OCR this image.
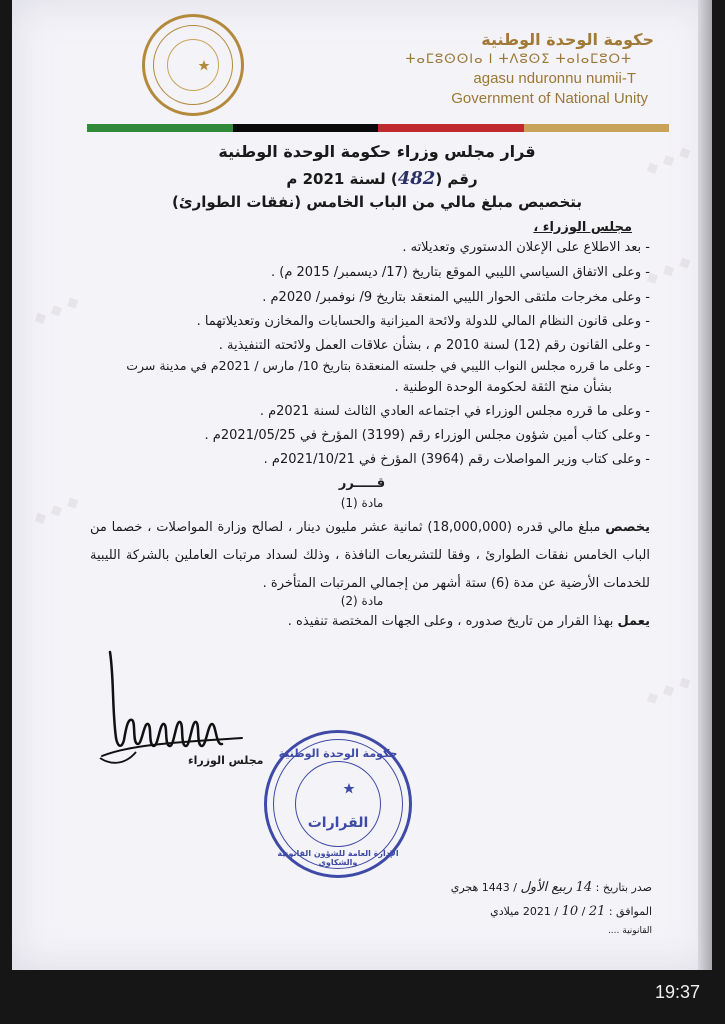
◆ ◆ ◆
◆ ◆ ◆
◆ ◆ ◆
◆ ◆ ◆
◆ ◆ ◆
حكومة الوحدة الوطنية
ⵜⴰⵎⵓⵙⵙⵏⴰ ⵏ ⵜⴷⵓⵙⵉ ⵜⴰⵏⴰⵎⵓⵔⵜ
agasu nduronnu numii-T
Government of National Unity
قرار مجلس وزراء حكومة الوحدة الوطنية
رقم (482) لسنة 2021 م
بتخصيص مبلغ مالي من الباب الخامس (نفقات الطوارئ)
مجلس الوزراء ،
- بعد الاطلاع على الإعلان الدستوري وتعديلاته .
- وعلى الاتفاق السياسي الليبي الموقع بتاريخ (17/ ديسمبر/ 2015 م) .
- وعلى مخرجات ملتقى الحوار الليبي المنعقد بتاريخ 9/ نوفمبر/ 2020م .
- وعلى قانون النظام المالي للدولة ولائحة الميزانية والحسابات والمخازن وتعديلاتهما .
- وعلى القانون رقم (12) لسنة 2010 م ، بشأن علاقات العمل ولائحته التنفيذية .
- وعلى ما قرره مجلس النواب الليبي في جلسته المنعقدة بتاريخ 10/ مارس / 2021م في مدينة سرت
بشأن منح الثقة لحكومة الوحدة الوطنية .
- وعلى ما قرره مجلس الوزراء في اجتماعه العادي الثالث لسنة 2021م .
- وعلى كتاب أمين شؤون مجلس الوزراء رقم (3199) المؤرخ في 2021/05/25م .
- وعلى كتاب وزير المواصلات رقم (3964) المؤرخ في 2021/10/21م .
قـــــرر
مادة (1)
يخصص مبلغ مالي قدره (18,000,000) ثمانية عشر مليون دينار ، لصالح وزارة المواصلات ، خصما من الباب الخامس نفقات الطوارئ ، وفقا للتشريعات النافذة ، وذلك لسداد مرتبات العاملين بالشركة الليبية للخدمات الأرضية عن مدة (6) ستة أشهر من إجمالي المرتبات المتأخرة .
مادة (2)
يعمل بهذا القرار من تاريخ صدوره ، وعلى الجهات المختصة تنفيذه .
مجلس الوزراء
حكومة الوحدة الوطنية
القرارات
الإدارة العامة للشؤون القانونية والشكاوى
صدر بتاريخ : 14 ربيع الأول / 1443 هجري
الموافق : 21 / 10 / 2021 ميلادي
القانونية ....
19:37
